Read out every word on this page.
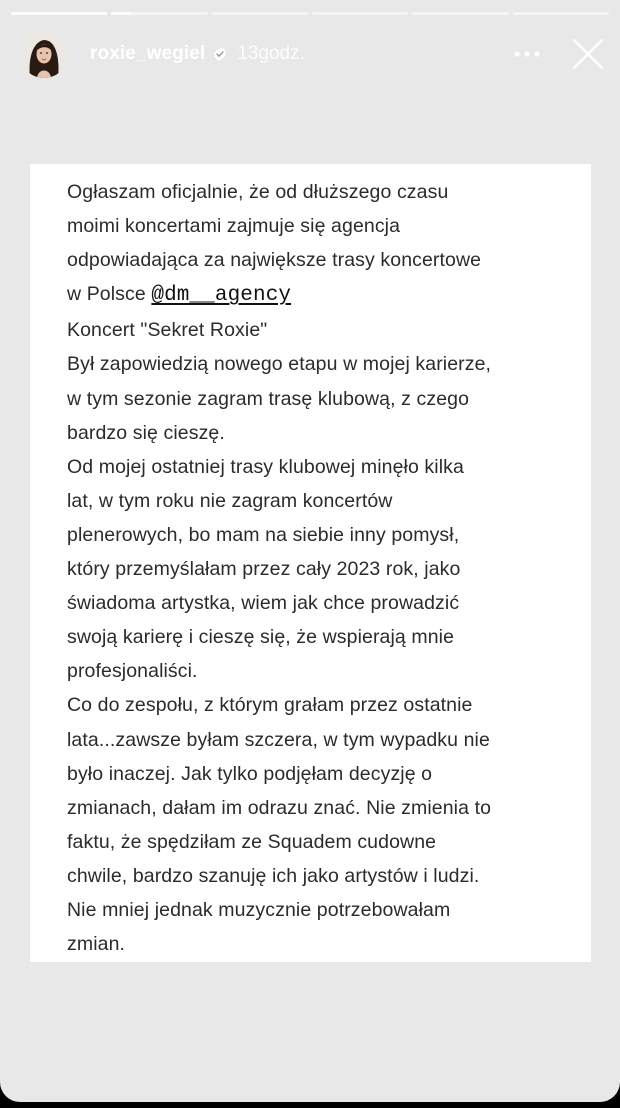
roxie_wegiel 13godz.
Ogłaszam oficjalnie, że od dłuższego czasu
moimi koncertami zajmuje się agencja
odpowiadająca za największe trasy koncertowe
w Polsce @dm__agency
Koncert "Sekret Roxie"
Był zapowiedzią nowego etapu w mojej karierze,
w tym sezonie zagram trasę klubową, z czego
bardzo się cieszę.
Od mojej ostatniej trasy klubowej minęło kilka
lat, w tym roku nie zagram koncertów
plenerowych, bo mam na siebie inny pomysł,
który przemyślałam przez cały 2023 rok, jako
świadoma artystka, wiem jak chce prowadzić
swoją karierę i cieszę się, że wspierają mnie
profesjonaliści.
Co do zespołu, z którym grałam przez ostatnie
lata...zawsze byłam szczera, w tym wypadku nie
było inaczej. Jak tylko podjęłam decyzję o
zmianach, dałam im odrazu znać. Nie zmienia to
faktu, że spędziłam ze Squadem cudowne
chwile, bardzo szanuję ich jako artystów i ludzi.
Nie mniej jednak muzycznie potrzebowałam
zmian.
